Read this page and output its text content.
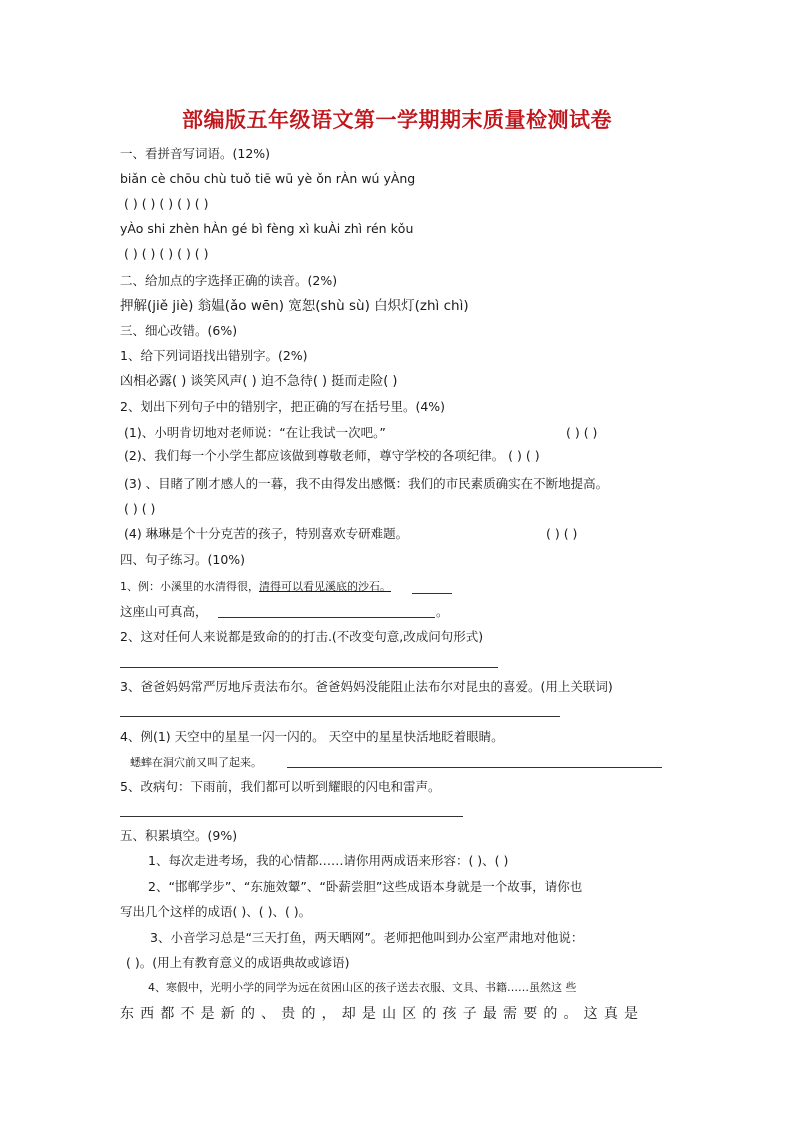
部编版五年级语文第一学期期末质量检测试卷
一、看拼音写词语。(12%)
biǎn cè chōu chù tuǒ tiē wū yè ǒn rÀn wú yÀng
( ) ( ) ( ) ( ) ( )
yÀo shi zhèn hÀn gé bì fèng xì kuÀi zhì rén kǒu
( ) ( ) ( ) ( ) ( )
二、给加点的字选择正确的读音。(2%)
押解(jiě jiè) 翁媪(ǎo wēn) 宽恕(shù sù) 白炽灯(zhì chì)
三、细心改错。(6%)
1、给下列词语找出错别字。(2%)
凶相必露( ) 谈笑风声( ) 迫不急待( ) 挺而走险( )
2、划出下列句子中的错别字，把正确的写在括号里。(4%)
(1)、小明肯切地对老师说：“在让我试一次吧。”	( ) ( )
(2)、我们每一个小学生都应该做到尊敬老师，尊守学校的各项纪律。 ( ) ( )
(3) 、目睹了刚才感人的一暮，我不由得发出感慨：我们的市民素质确实在不断地提高。
( ) ( )
(4) 琳琳是个十分克苦的孩子，特别喜欢专研难题。	( ) ( )
四、句子练习。(10%)
1、例：小溪里的水清得很，清得可以看见溪底的沙石。
这座山可真高，	。
2、这对任何人来说都是致命的的打击.(不改变句意,改成问句形式)
3、爸爸妈妈常严厉地斥责法布尔。爸爸妈妈没能阻止法布尔对昆虫的喜爱。(用上关联词)
4、例(1) 天空中的星星一闪一闪的。 天空中的星星快活地眨着眼睛。
蟋蟀在洞穴前又叫了起来。
5、改病句：下雨前，我们都可以听到耀眼的闪电和雷声。
五、积累填空。(9%)
1、每次走进考场，我的心情都……请你用两成语来形容：( )、( )
2、“邯郸学步”、“东施效颦”、“卧薪尝胆”这些成语本身就是一个故事，请你也
写出几个这样的成语( )、( )、( )。
3、小音学习总是“三天打鱼，两天晒网”。老师把他叫到办公室严肃地对他说：
( )。(用上有教育意义的成语典故或谚语)
4、寒假中，光明小学的同学为远在贫困山区的孩子送去衣服、文具、书籍……虽然这 些
东西都不是新的、贵的，却是山区的孩子最需要的。这真是
